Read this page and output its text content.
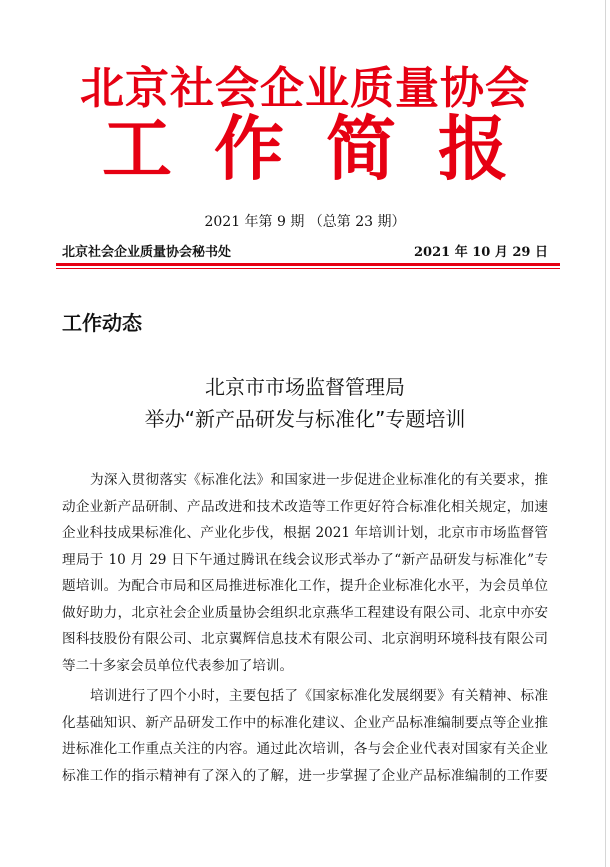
北京社会企业质量协会
工作简报
2021 年第 9 期 （总第 23 期）
北京社会企业质量协会秘书处	2021 年 10 月 29 日
工作动态
北京市市场监督管理局
举办“新产品研发与标准化”专题培训
为深入贯彻落实《标准化法》和国家进一步促进企业标准化的有关要求，推
动企业新产品研制、产品改进和技术改造等工作更好符合标准化相关规定，加速
企业科技成果标准化、产业化步伐，根据 2021 年培训计划，北京市市场监督管
理局于 10 月 29 日下午通过腾讯在线会议形式举办了“新产品研发与标准化”专
题培训。为配合市局和区局推进标准化工作，提升企业标准化水平，为会员单位
做好助力，北京社会企业质量协会组织北京燕华工程建设有限公司、北京中亦安
图科技股份有限公司、北京翼辉信息技术有限公司、北京润明环境科技有限公司
等二十多家会员单位代表参加了培训。
培训进行了四个小时，主要包括了《国家标准化发展纲要》有关精神、标准
化基础知识、新产品研发工作中的标准化建议、企业产品标准编制要点等企业推
进标准化工作重点关注的内容。通过此次培训，各与会企业代表对国家有关企业
标准工作的指示精神有了深入的了解，进一步掌握了企业产品标准编制的工作要
